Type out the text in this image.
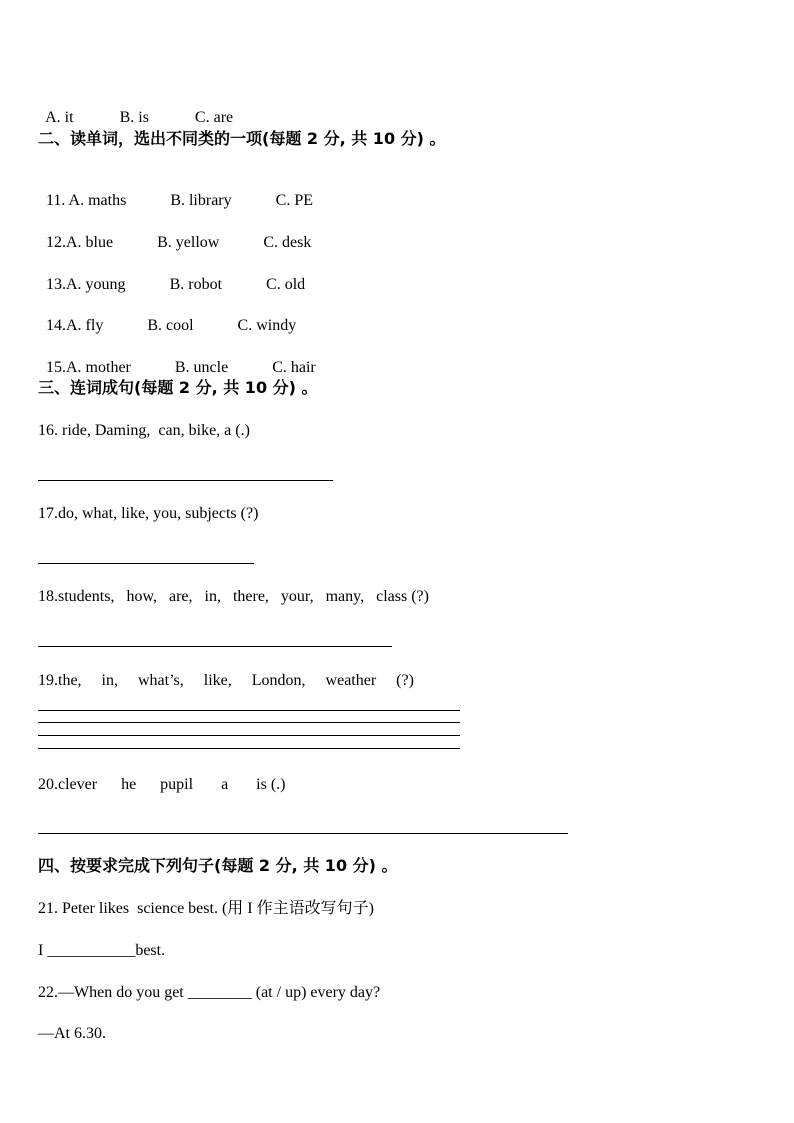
A. it	B. is	C. are

二、读单词，选出不同类的一项(每题 2 分, 共 10 分) 。

11. A. maths	B. library	C. PE

12.A. blue	B. yellow	C. desk

13.A. young	B. robot	C. old

14.A. fly	B. cool	C. windy

15.A. mother	B. uncle	C. hair

三、连词成句(每题 2 分, 共 10 分) 。
16. ride, Daming,  can, bike, a (.)
17.do, what, like, you, subjects (?)
18.students,   how,   are,   in,   there,   your,   many,   class (?)
19.the,     in,     what’s,     like,     London,     weather     (?)
20.clever      he      pupil       a       is (.)
四、按要求完成下列句子(每题 2 分, 共 10 分) 。
21. Peter likes  science best. (用 I 作主语改写句子)
I ___________best.
22.—When do you get ________ (at / up) every day?
—At 6.30.
